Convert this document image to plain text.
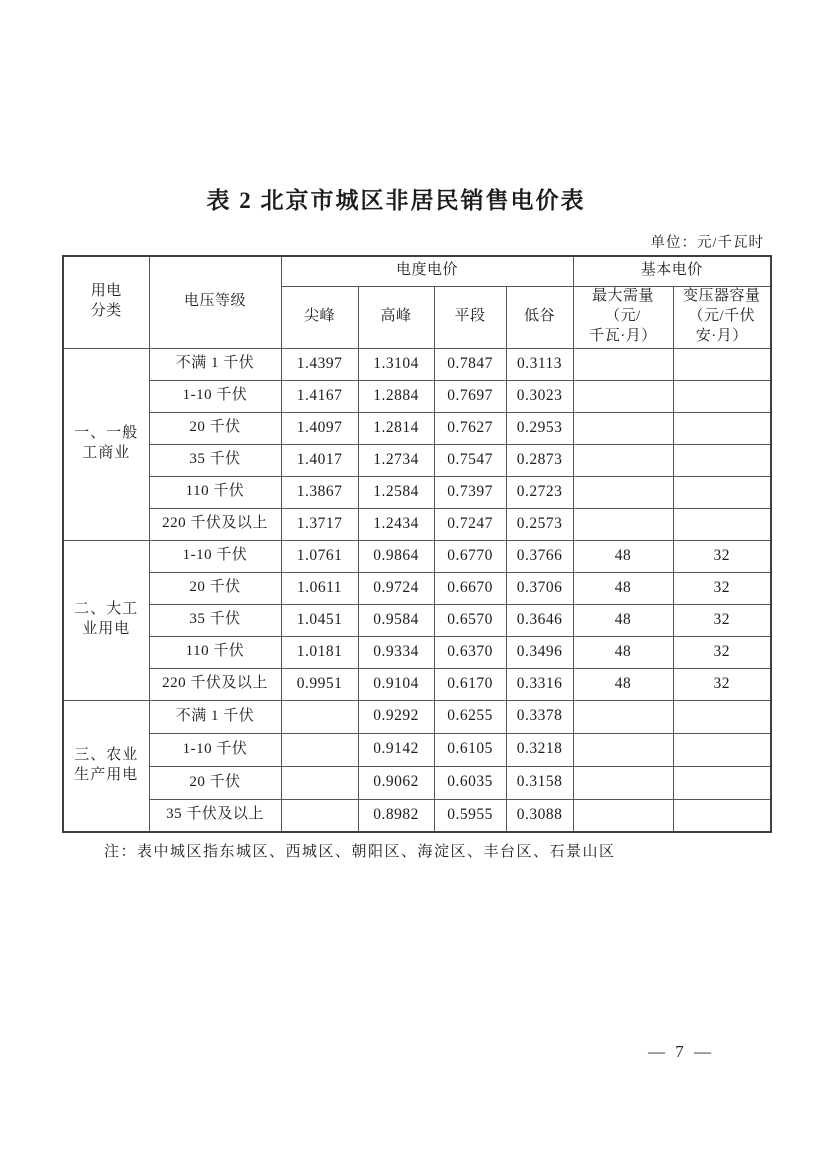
表 2 北京市城区非居民销售电价表
单位：元/千瓦时
用电
分类	电压等级	电度电价				基本电价	
		尖峰	高峰	平段	低谷	最大需量
（元/
千瓦·月）	变压器容量
（元/千伏
安·月）
一、一般
工商业	不满 1 千伏	1.4397	1.3104	0.7847	0.3113		
	1-10 千伏	1.4167	1.2884	0.7697	0.3023		
	20 千伏	1.4097	1.2814	0.7627	0.2953		
	35 千伏	1.4017	1.2734	0.7547	0.2873		
	110 千伏	1.3867	1.2584	0.7397	0.2723		
	220 千伏及以上	1.3717	1.2434	0.7247	0.2573		
二、大工
业用电	1-10 千伏	1.0761	0.9864	0.6770	0.3766	48	32
	20 千伏	1.0611	0.9724	0.6670	0.3706	48	32
	35 千伏	1.0451	0.9584	0.6570	0.3646	48	32
	110 千伏	1.0181	0.9334	0.6370	0.3496	48	32
	220 千伏及以上	0.9951	0.9104	0.6170	0.3316	48	32
三、农业
生产用电	不满 1 千伏		0.9292	0.6255	0.3378		
	1-10 千伏		0.9142	0.6105	0.3218		
	20 千伏		0.9062	0.6035	0.3158		
	35 千伏及以上		0.8982	0.5955	0.3088		
注：表中城区指东城区、西城区、朝阳区、海淀区、丰台区、石景山区
— 7 —
